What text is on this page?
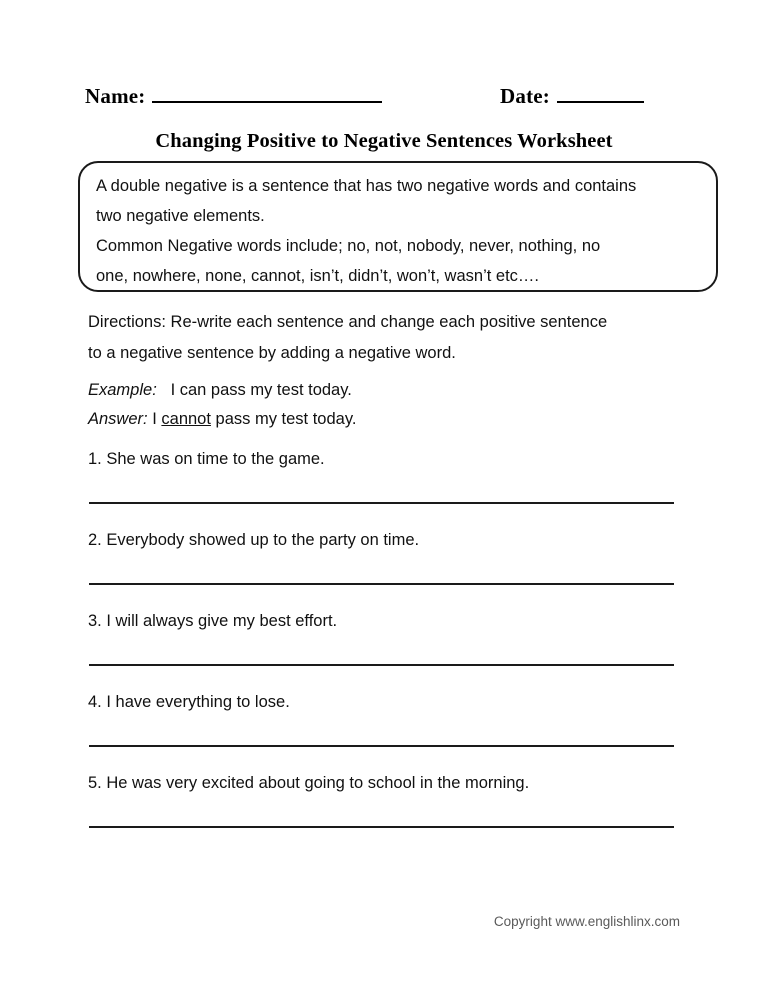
Name:	Date:
Changing Positive to Negative Sentences Worksheet
A double negative is a sentence that has two negative words and contains
two negative elements.
Common Negative words include; no, not, nobody, never, nothing, no
one, nowhere, none, cannot, isn’t, didn’t, won’t, wasn’t etc….
Directions: Re-write each sentence and change each positive sentence
to a negative sentence by adding a negative word.
Example: I can pass my test today.
Answer: I cannot pass my test today.
1. She was on time to the game.
2. Everybody showed up to the party on time.
3. I will always give my best effort.
4. I have everything to lose.
5. He was very excited about going to school in the morning.
Copyright www.englishlinx.com
